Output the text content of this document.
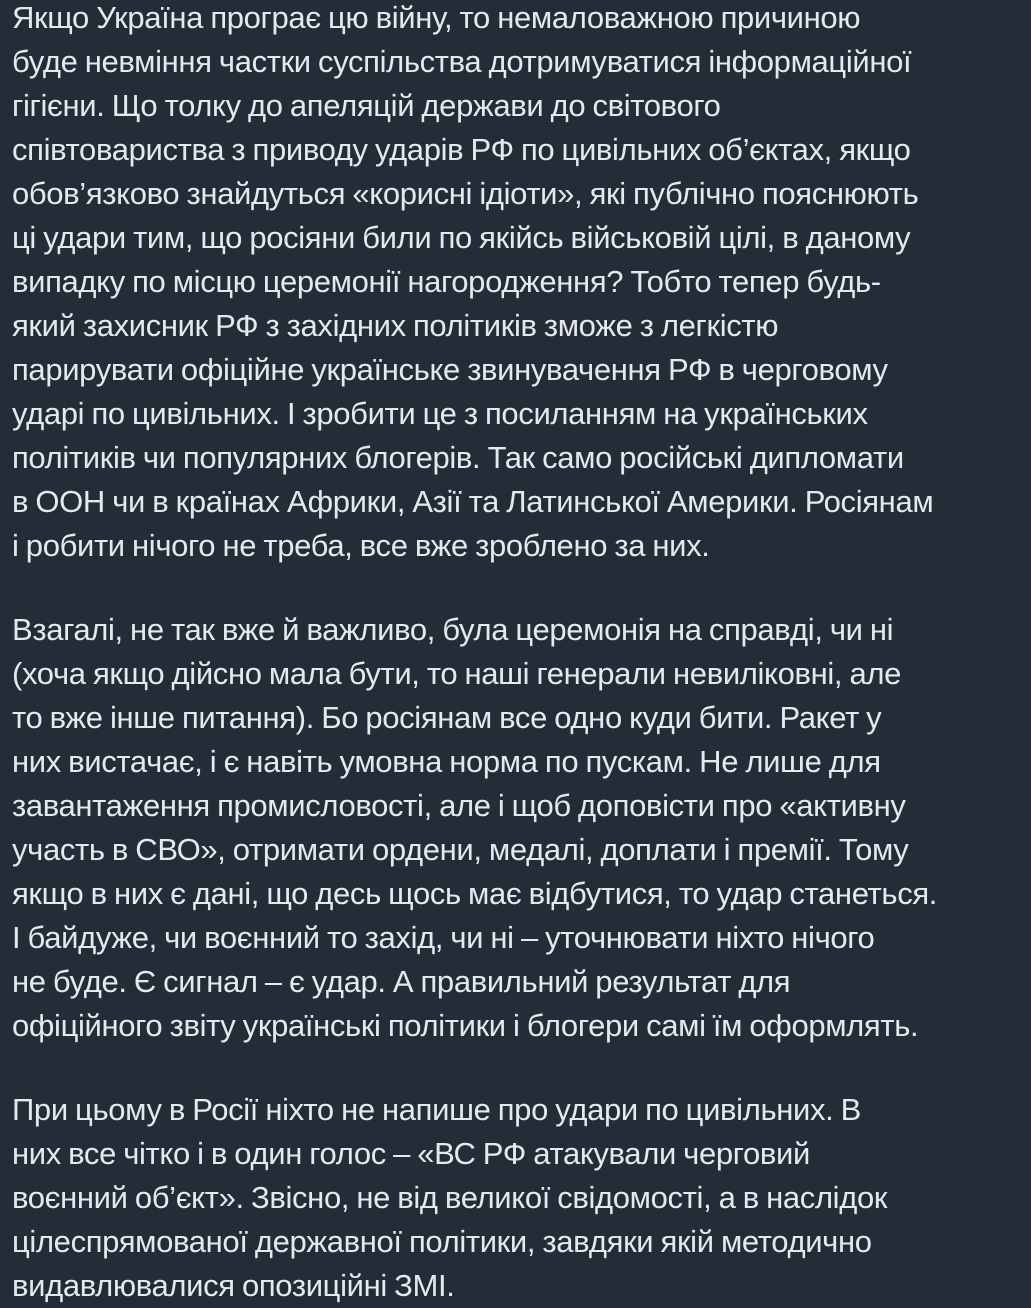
Якщо Україна програє цю війну, то немаловажною причиною
буде невміння частки суспільства дотримуватися інформаційної
гігієни. Що толку до апеляцій держави до світового
співтовариства з приводу ударів РФ по цивільних об’єктах, якщо
обов’язково знайдуться «корисні ідіоти», які публічно пояснюють
ці удари тим, що росіяни били по якійсь військовій цілі, в даному
випадку по місцю церемонії нагородження? Тобто тепер будь-
який захисник РФ з західних політиків зможе з легкістю
парирувати офіційне українське звинувачення РФ в черговому
ударі по цивільних. І зробити це з посиланням на українських
політиків чи популярних блогерів. Так само російські дипломати
в ООН чи в країнах Африки, Азії та Латинської Америки. Росіянам
і робити нічого не треба, все вже зроблено за них.
Взагалі, не так вже й важливо, була церемонія на справді, чи ні
(хоча якщо дійсно мала бути, то наші генерали невиліковні, але
то вже інше питання). Бо росіянам все одно куди бити. Ракет у
них вистачає, і є навіть умовна норма по пускам. Не лише для
завантаження промисловості, але і щоб доповісти про «активну
участь в СВО», отримати ордени, медалі, доплати і премії. Тому
якщо в них є дані, що десь щось має відбутися, то удар станеться.
І байдуже, чи воєнний то захід, чи ні – уточнювати ніхто нічого
не буде. Є сигнал – є удар. А правильний результат для
офіційного звіту українські політики і блогери самі їм оформлять.
При цьому в Росії ніхто не напише про удари по цивільних. В
них все чітко і в один голос – «ВС РФ атакували черговий
воєнний об’єкт». Звісно, не від великої свідомості, а в наслідок
цілеспрямованої державної політики, завдяки якій методично
видавлювалися опозиційні ЗМІ.
